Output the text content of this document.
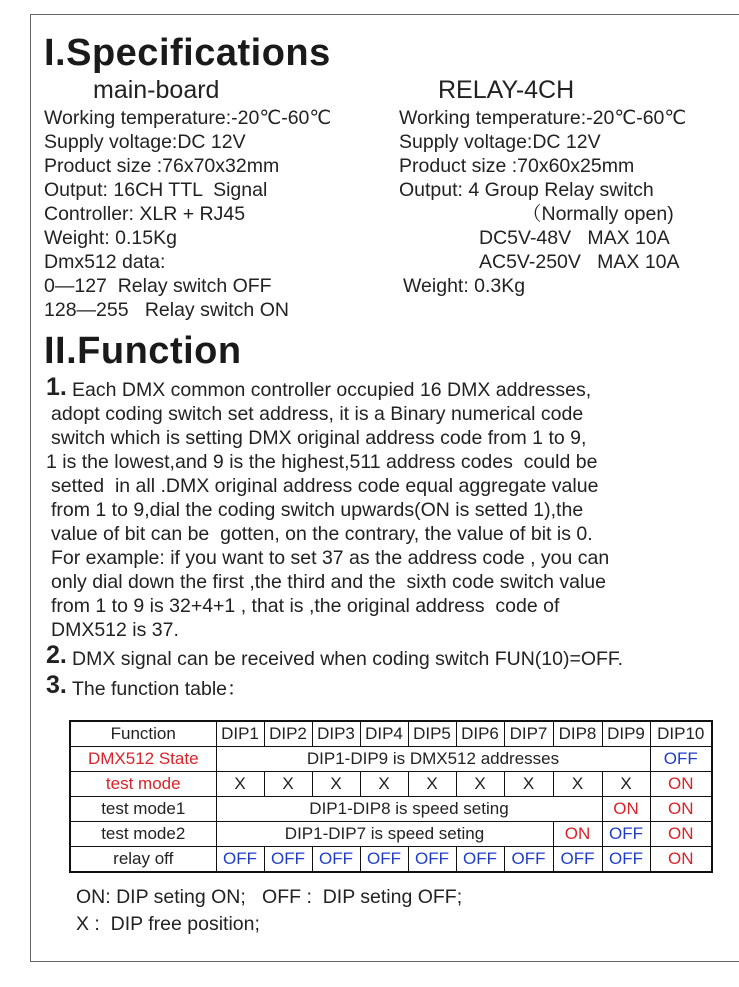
I.Specifications
main-board	RELAY-4CH
Working temperature:-20℃-60℃
Supply voltage:DC 12V
Product size :76x70x32mm
Output: 16CH TTL  Signal
Controller: XLR + RJ45
Weight: 0.15Kg
Dmx512 data:
0—127  Relay switch OFF
128—255   Relay switch ON
Working temperature:-20℃-60℃
Supply voltage:DC 12V
Product size :70x60x25mm
Output: 4 Group Relay switch
（Normally open)
DC5V-48V   MAX 10A
AC5V-250V   MAX 10A
Weight: 0.3Kg
II.Function
1. Each DMX common controller occupied 16 DMX addresses,
adopt coding switch set address, it is a Binary numerical code
switch which is setting DMX original address code from 1 to 9,
1 is the lowest,and 9 is the highest,511 address codes  could be
setted  in all .DMX original address code equal aggregate value
from 1 to 9,dial the coding switch upwards(ON is setted 1),the
value of bit can be  gotten, on the contrary, the value of bit is 0.
For example: if you want to set 37 as the address code , you can
only dial down the first ,the third and the  sixth code switch value
from 1 to 9 is 32+4+1 , that is ,the original address  code of
DMX512 is 37.
2. DMX signal can be received when coding switch FUN(10)=OFF.
3. The function table：
Function	DIP1	DIP2	DIP3	DIP4	DIP5	DIP6	DIP7	DIP8	DIP9	DIP10
DMX512 State	DIP1-DIP9 is DMX512 addresses									OFF
test mode	X	X	X	X	X	X	X	X	X	ON
test mode1	DIP1-DIP8 is speed seting								ON	ON
test mode2	DIP1-DIP7 is speed seting							ON	OFF	ON
relay off	OFF	OFF	OFF	OFF	OFF	OFF	OFF	OFF	OFF	ON
ON: DIP seting ON;   OFF :  DIP seting OFF;
X :  DIP free position;
